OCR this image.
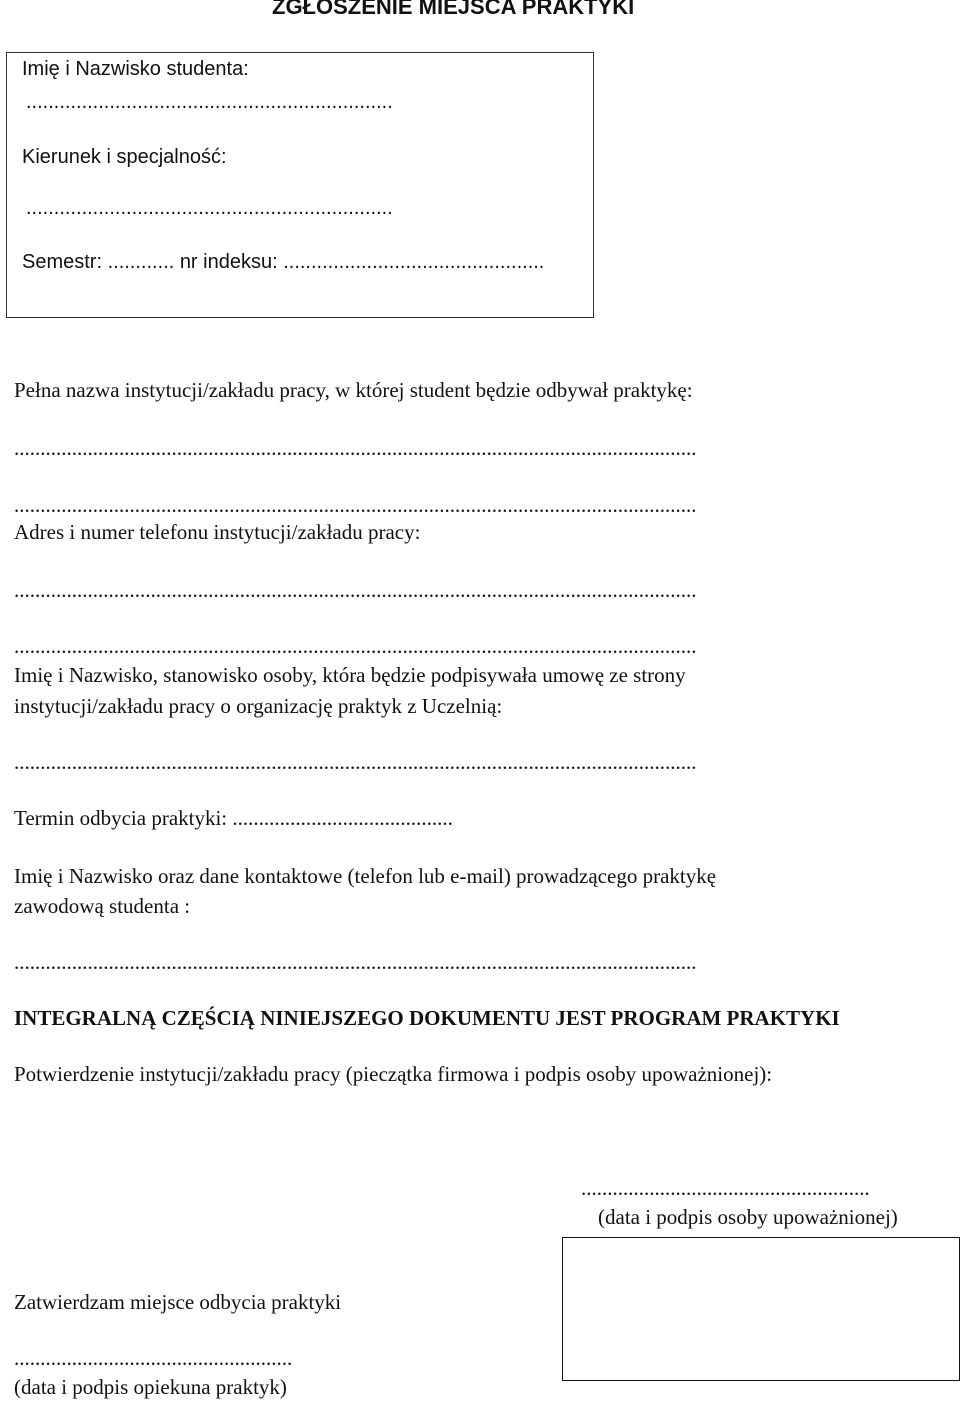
ZGŁOSZENIE MIEJSCA PRAKTYKI
Imię i Nazwisko studenta:
..................................................................
Kierunek i specjalność:
..................................................................
Semestr: ............ nr indeksu: ...............................................
Pełna nazwa instytucji/zakładu pracy, w której student będzie odbywał praktykę:
..................................................................................................................................
..................................................................................................................................
Adres i numer telefonu instytucji/zakładu pracy:
..................................................................................................................................
..................................................................................................................................
Imię i Nazwisko, stanowisko osoby, która będzie podpisywała umowę ze strony
instytucji/zakładu pracy o organizację praktyk z Uczelnią:
..................................................................................................................................
Termin odbycia praktyki: ..........................................
Imię i Nazwisko oraz dane kontaktowe (telefon lub e-mail) prowadzącego praktykę
zawodową studenta :
..................................................................................................................................
INTEGRALNĄ CZĘŚCIĄ NINIEJSZEGO DOKUMENTU JEST PROGRAM PRAKTYKI
Potwierdzenie instytucji/zakładu pracy (pieczątka firmowa i podpis osoby upoważnionej):
.......................................................
(data i podpis osoby upoważnionej)
Zatwierdzam miejsce odbycia praktyki
.....................................................
(data i podpis opiekuna praktyk)
